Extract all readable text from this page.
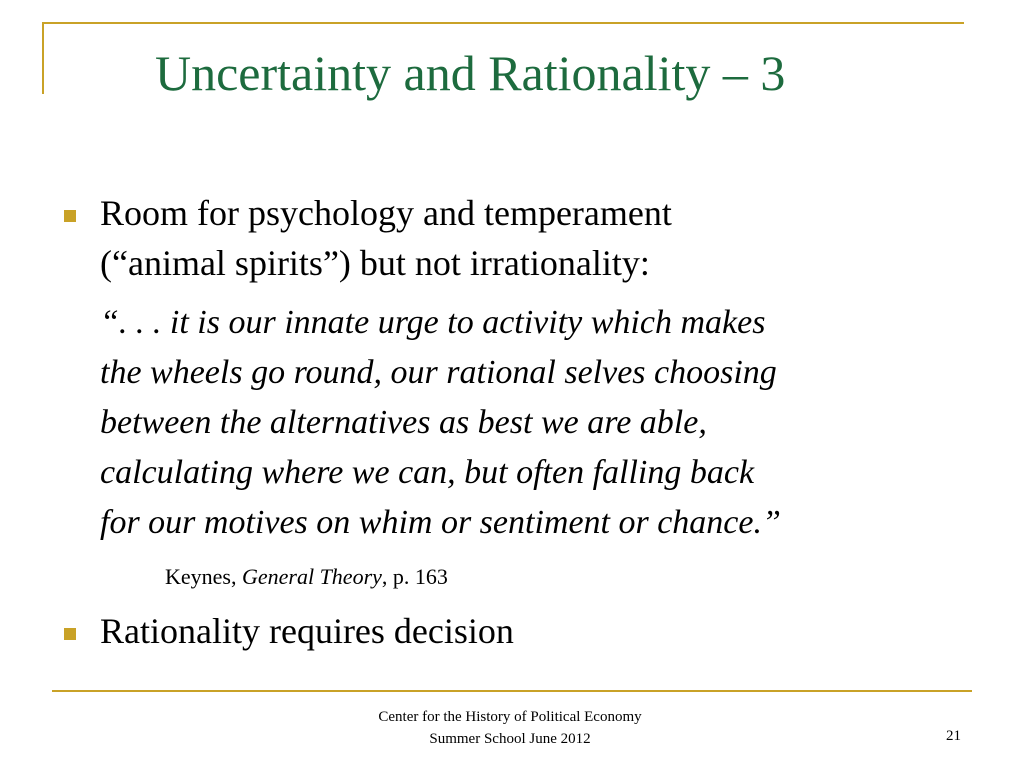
Uncertainty and Rationality – 3
Room for psychology and temperament
(“animal spirits”) but not irrationality:
“. . . it is our innate urge to activity which makes
the wheels go round, our rational selves choosing
between the alternatives as best we are able,
calculating where we can, but often falling back
for our motives on whim or sentiment or chance.”
Keynes, General Theory, p. 163
Rationality requires decision
Center for the History of Political Economy
Summer School June 2012	21
